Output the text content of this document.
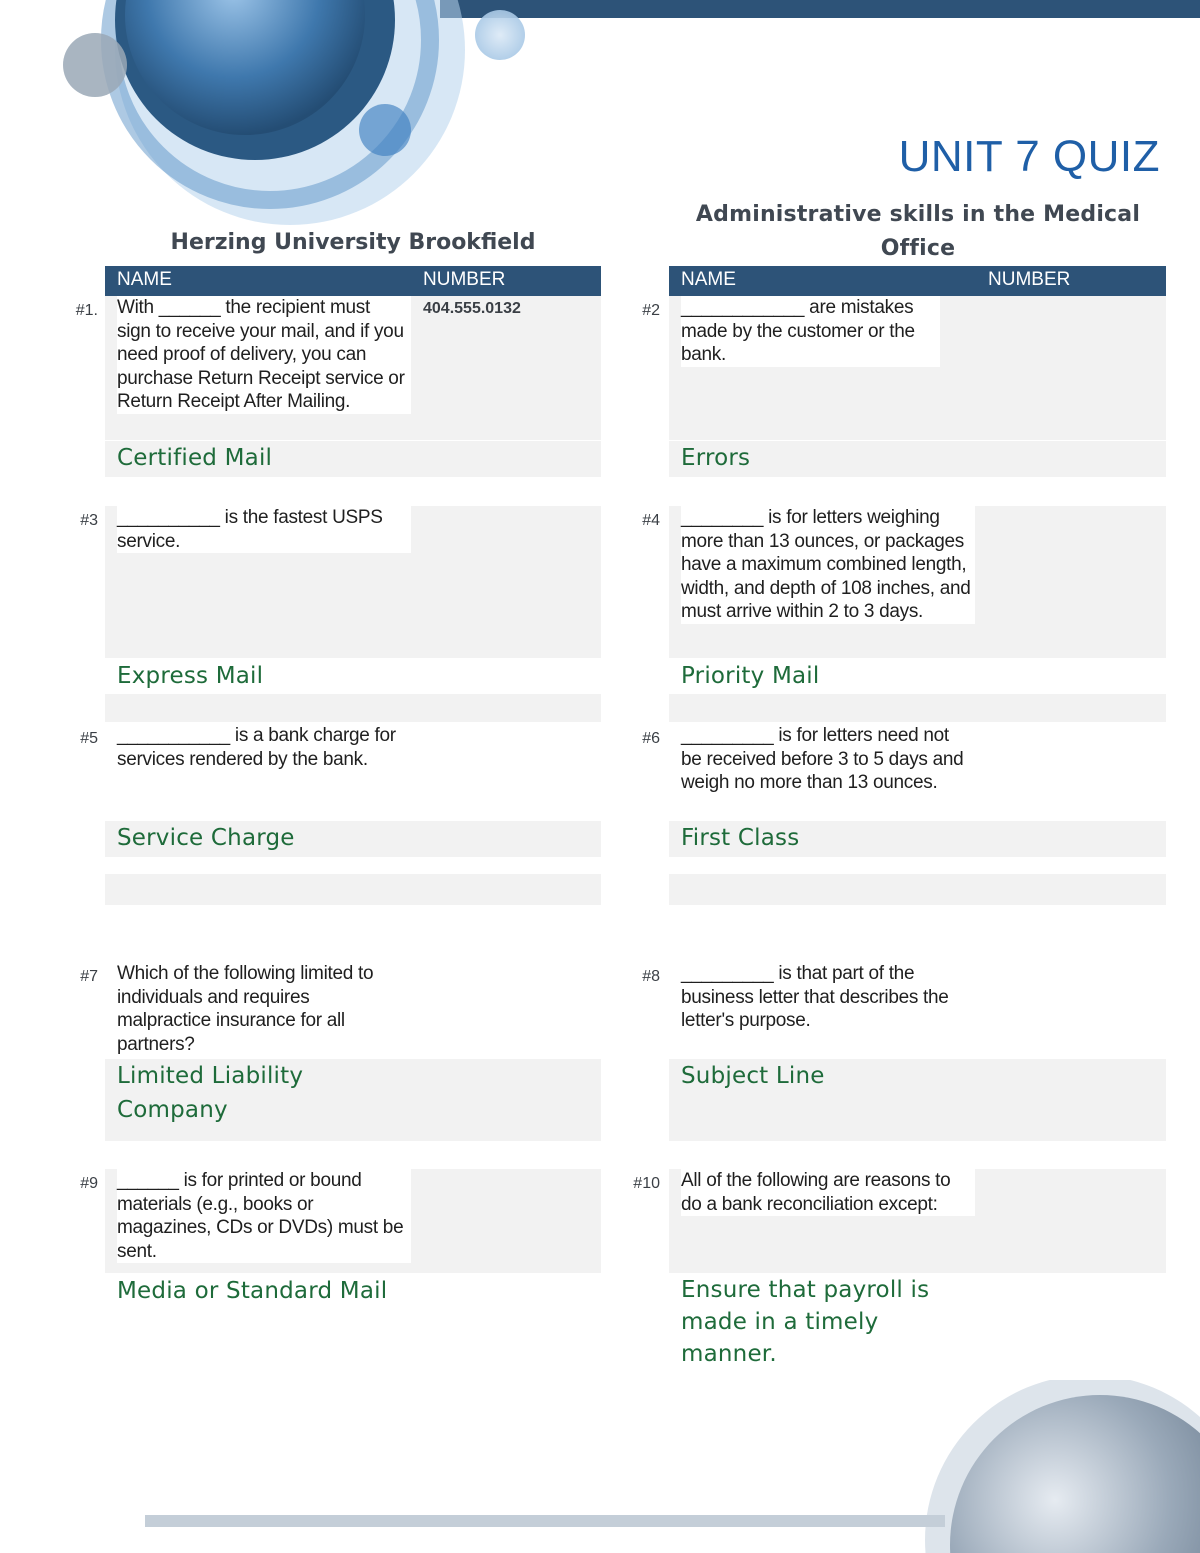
UNIT 7 QUIZ
Administrative skills in the Medical Office
Herzing University Brookfield
NAME	NUMBER	NAME	NUMBER
#1. With ______ the recipient must sign to receive your mail, and if you need proof of delivery, you can purchase Return Receipt service or Return Receipt After Mailing.
404.555.0132
Certified Mail
#2 ____________ are mistakes made by the customer or the bank.
Errors
#3 __________ is the fastest USPS service.
Express Mail
#4 ________ is for letters weighing more than 13 ounces, or packages have a maximum combined length, width, and depth of 108 inches, and must arrive within 2 to 3 days.
Priority Mail
#5 ___________ is a bank charge for services rendered by the bank.
Service Charge
#6 _________ is for letters need not be received before 3 to 5 days and weigh no more than 13 ounces.
First Class
#7 Which of the following limited to individuals and requires malpractice insurance for all partners?
Limited Liability Company
#8 _________ is that part of the business letter that describes the letter's purpose.
Subject Line
#9 ______ is for printed or bound materials (e.g., books or magazines, CDs or DVDs) must be sent.
Media or Standard Mail
#10 All of the following are reasons to do a bank reconciliation except:
Ensure that payroll is made in a timely manner.
